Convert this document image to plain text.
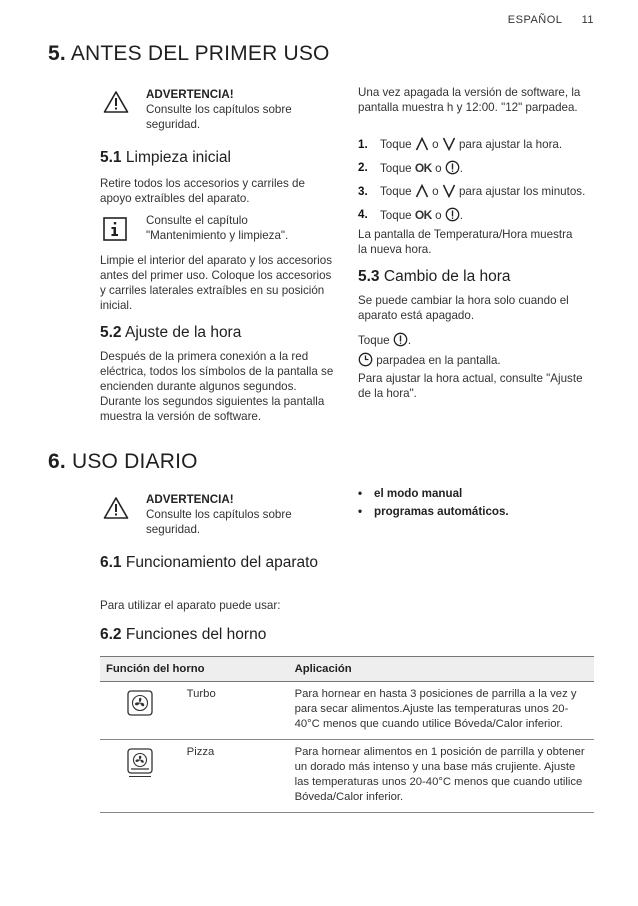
ESPAÑOL 11
5. ANTES DEL PRIMER USO

ADVERTENCIA!

Consulte los capítulos sobre seguridad.

5.1 Limpieza inicial

Retire todos los accesorios y carriles de apoyo extraíbles del aparato.

Consulte el capítulo "Mantenimiento y limpieza".

Limpie el interior del aparato y los accesorios antes del primer uso. Coloque los accesorios y carriles laterales extraíbles en su posición inicial.

5.2 Ajuste de la hora

Después de la primera conexión a la red eléctrica, todos los símbolos de la pantalla se encienden durante algunos segundos. Durante los segundos siguientes la pantalla muestra la versión de software.

Una vez apagada la versión de software, la pantalla muestra h y 12:00. "12" parpadea.

1. Toque o para ajustar la hora.
2. Toque OK o .
3. Toque o para ajustar los minutos.
4. Toque OK o .

La pantalla de Temperatura/Hora muestra la nueva hora.

5.3 Cambio de la hora

Se puede cambiar la hora solo cuando el aparato está apagado.

Toque .

parpadea en la pantalla.
Para ajustar la hora actual, consulte "Ajuste de la hora".

6. USO DIARIO

ADVERTENCIA!

Consulte los capítulos sobre seguridad.

• el modo manual
• programas automáticos.
6.1 Funcionamiento del aparato

Para utilizar el aparato puede usar:

6.2 Funciones del horno
Función del horno		Aplicación
	Turbo	Para hornear en hasta 3 posiciones de parrilla a la vez y para secar alimentos.Ajuste las temperaturas unos 20-40°C menos que cuando utilice Bóveda/Calor inferior.
	Pizza	Para hornear alimentos en 1 posición de parrilla y obtener un dorado más intenso y una base más crujiente. Ajuste las temperaturas unos 20-40°C menos que cuando utilice Bóveda/Calor inferior.
